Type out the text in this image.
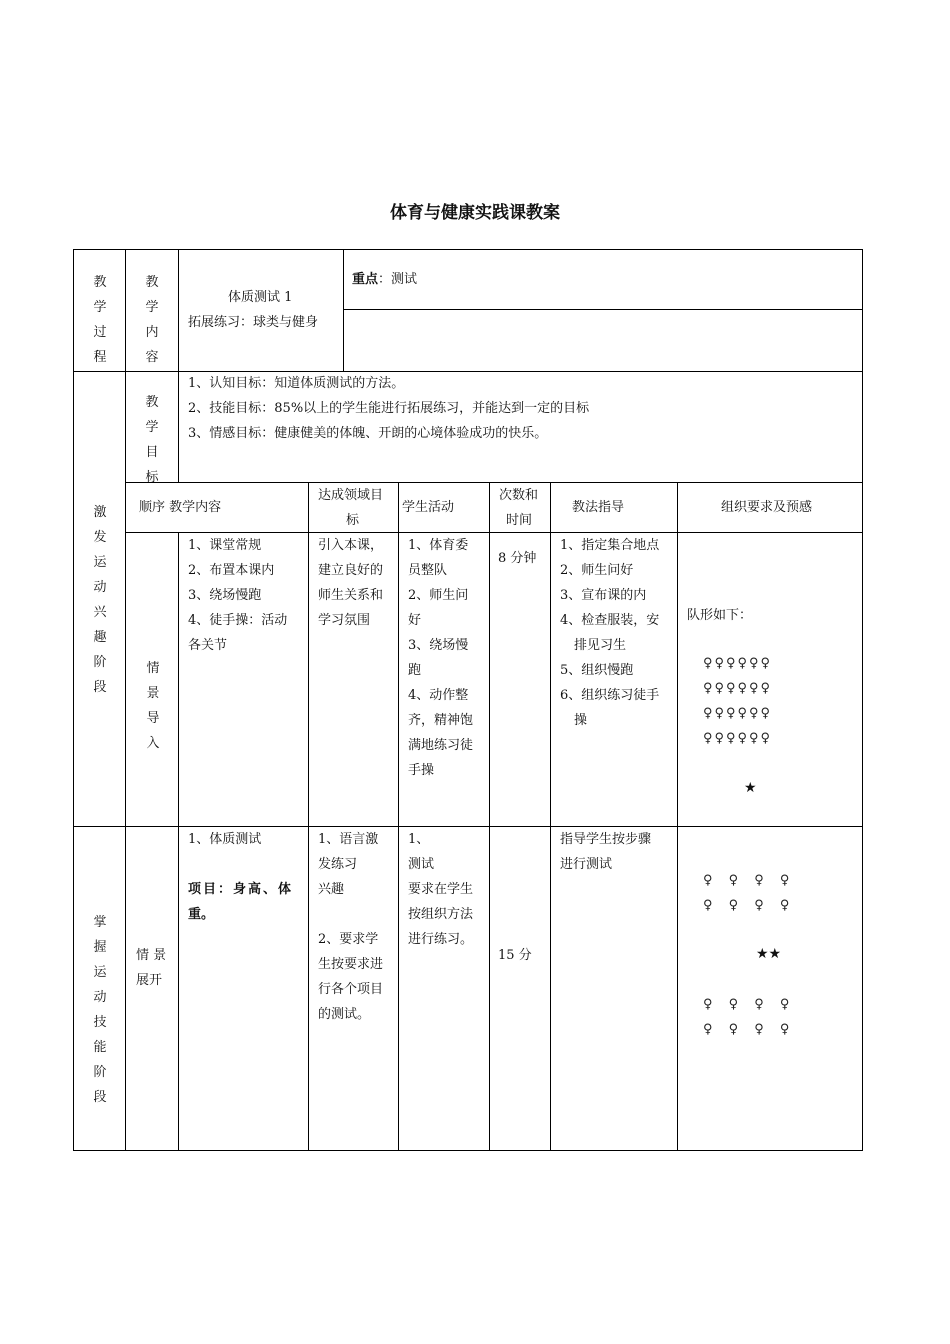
体育与健康实践课教案
教学过程
教学内容
体质测试 1
拓展练习：球类与健身
重点：测试
教学目标
1、认知目标：知道体质测试的方法。
2、技能目标：85%以上的学生能进行拓展练习，并能达到一定的目标
3、情感目标：健康健美的体魄、开朗的心境体验成功的快乐。
激发运动兴趣阶段
顺序 教学内容
达成领域目
标
学生活动
次数和
时间
教法指导	组织要求及预感
情景导入
1、课堂常规
2、布置本课内
3、绕场慢跑
4、徒手操：活动
各关节
引入本课，
建立良好的
师生关系和
学习氛围
1、体育委
员整队
2、师生问
好
3、绕场慢
跑
4、动作整
齐，精神饱
满地练习徒
手操
8 分钟
1、指定集合地点
2、师生问好
3、宣布课的内
4、检查服装，安
排见习生
5、组织慢跑
6、组织练习徒手
操
队形如下：
♀♀♀♀♀♀
♀♀♀♀♀♀
♀♀♀♀♀♀
♀♀♀♀♀♀
★
掌握运动技能阶段
情 景
展开
1、体质测试
项目：身高、体
重。
1、语言激
发练习
兴趣
2、要求学
生按要求进
行各个项目
的测试。
1、
测试
要求在学生
按组织方法
进行练习。
15 分
指导学生按步骤
进行测试
♀ ♀ ♀ ♀
♀ ♀ ♀ ♀
★★
♀ ♀ ♀ ♀
♀ ♀ ♀ ♀
